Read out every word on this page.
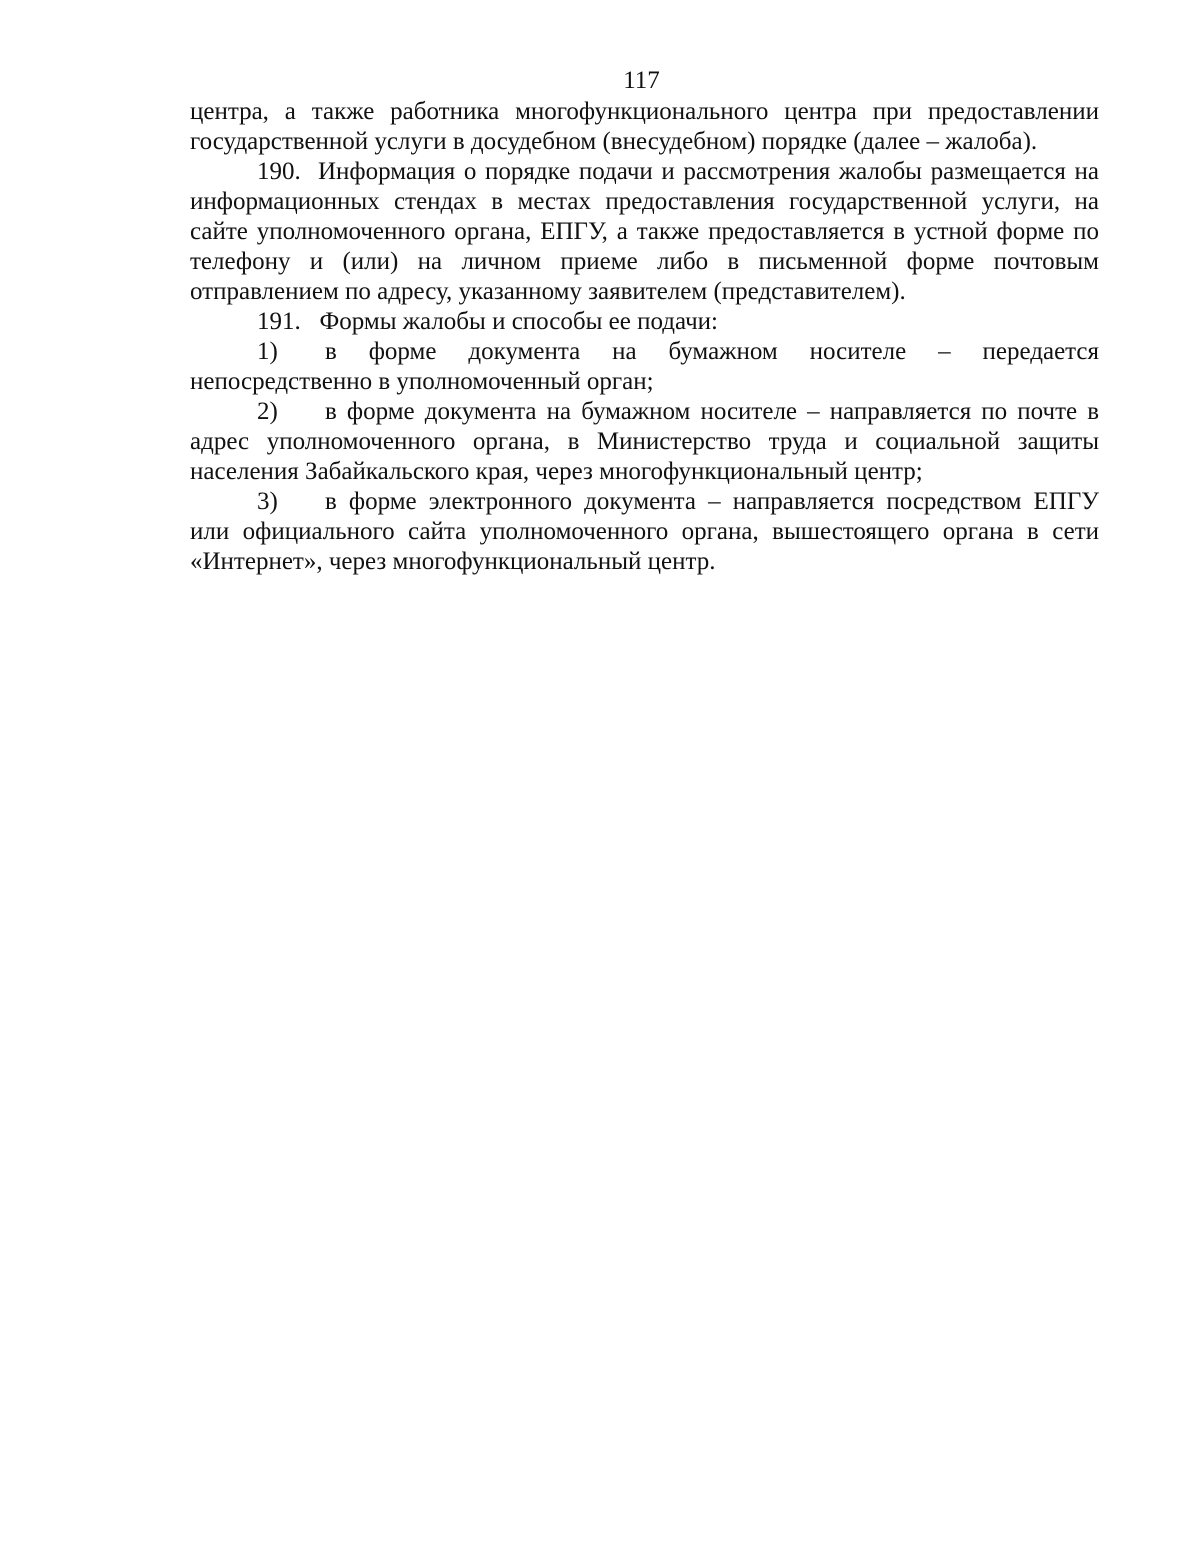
117

центра, а также работника многофункционального центра при предоставлении государственной услуги в досудебном (внесудебном) порядке (далее – жалоба).

190. Информация о порядке подачи и рассмотрения жалобы размещается на информационных стендах в местах предоставления государственной услуги, на сайте уполномоченного органа, ЕПГУ, а также предоставляется в устной форме по телефону и (или) на личном приеме либо в письменной форме почтовым отправлением по адресу, указанному заявителем (представителем).

191. Формы жалобы и способы ее подачи:

1) в форме документа на бумажном носителе – передается непосредственно в уполномоченный орган;

2) в форме документа на бумажном носителе – направляется по почте в адрес уполномоченного органа, в Министерство труда и социальной защиты населения Забайкальского края, через многофункциональный центр;

3) в форме электронного документа – направляется посредством ЕПГУ или официального сайта уполномоченного органа, вышестоящего органа в сети «Интернет», через многофункциональный центр.
